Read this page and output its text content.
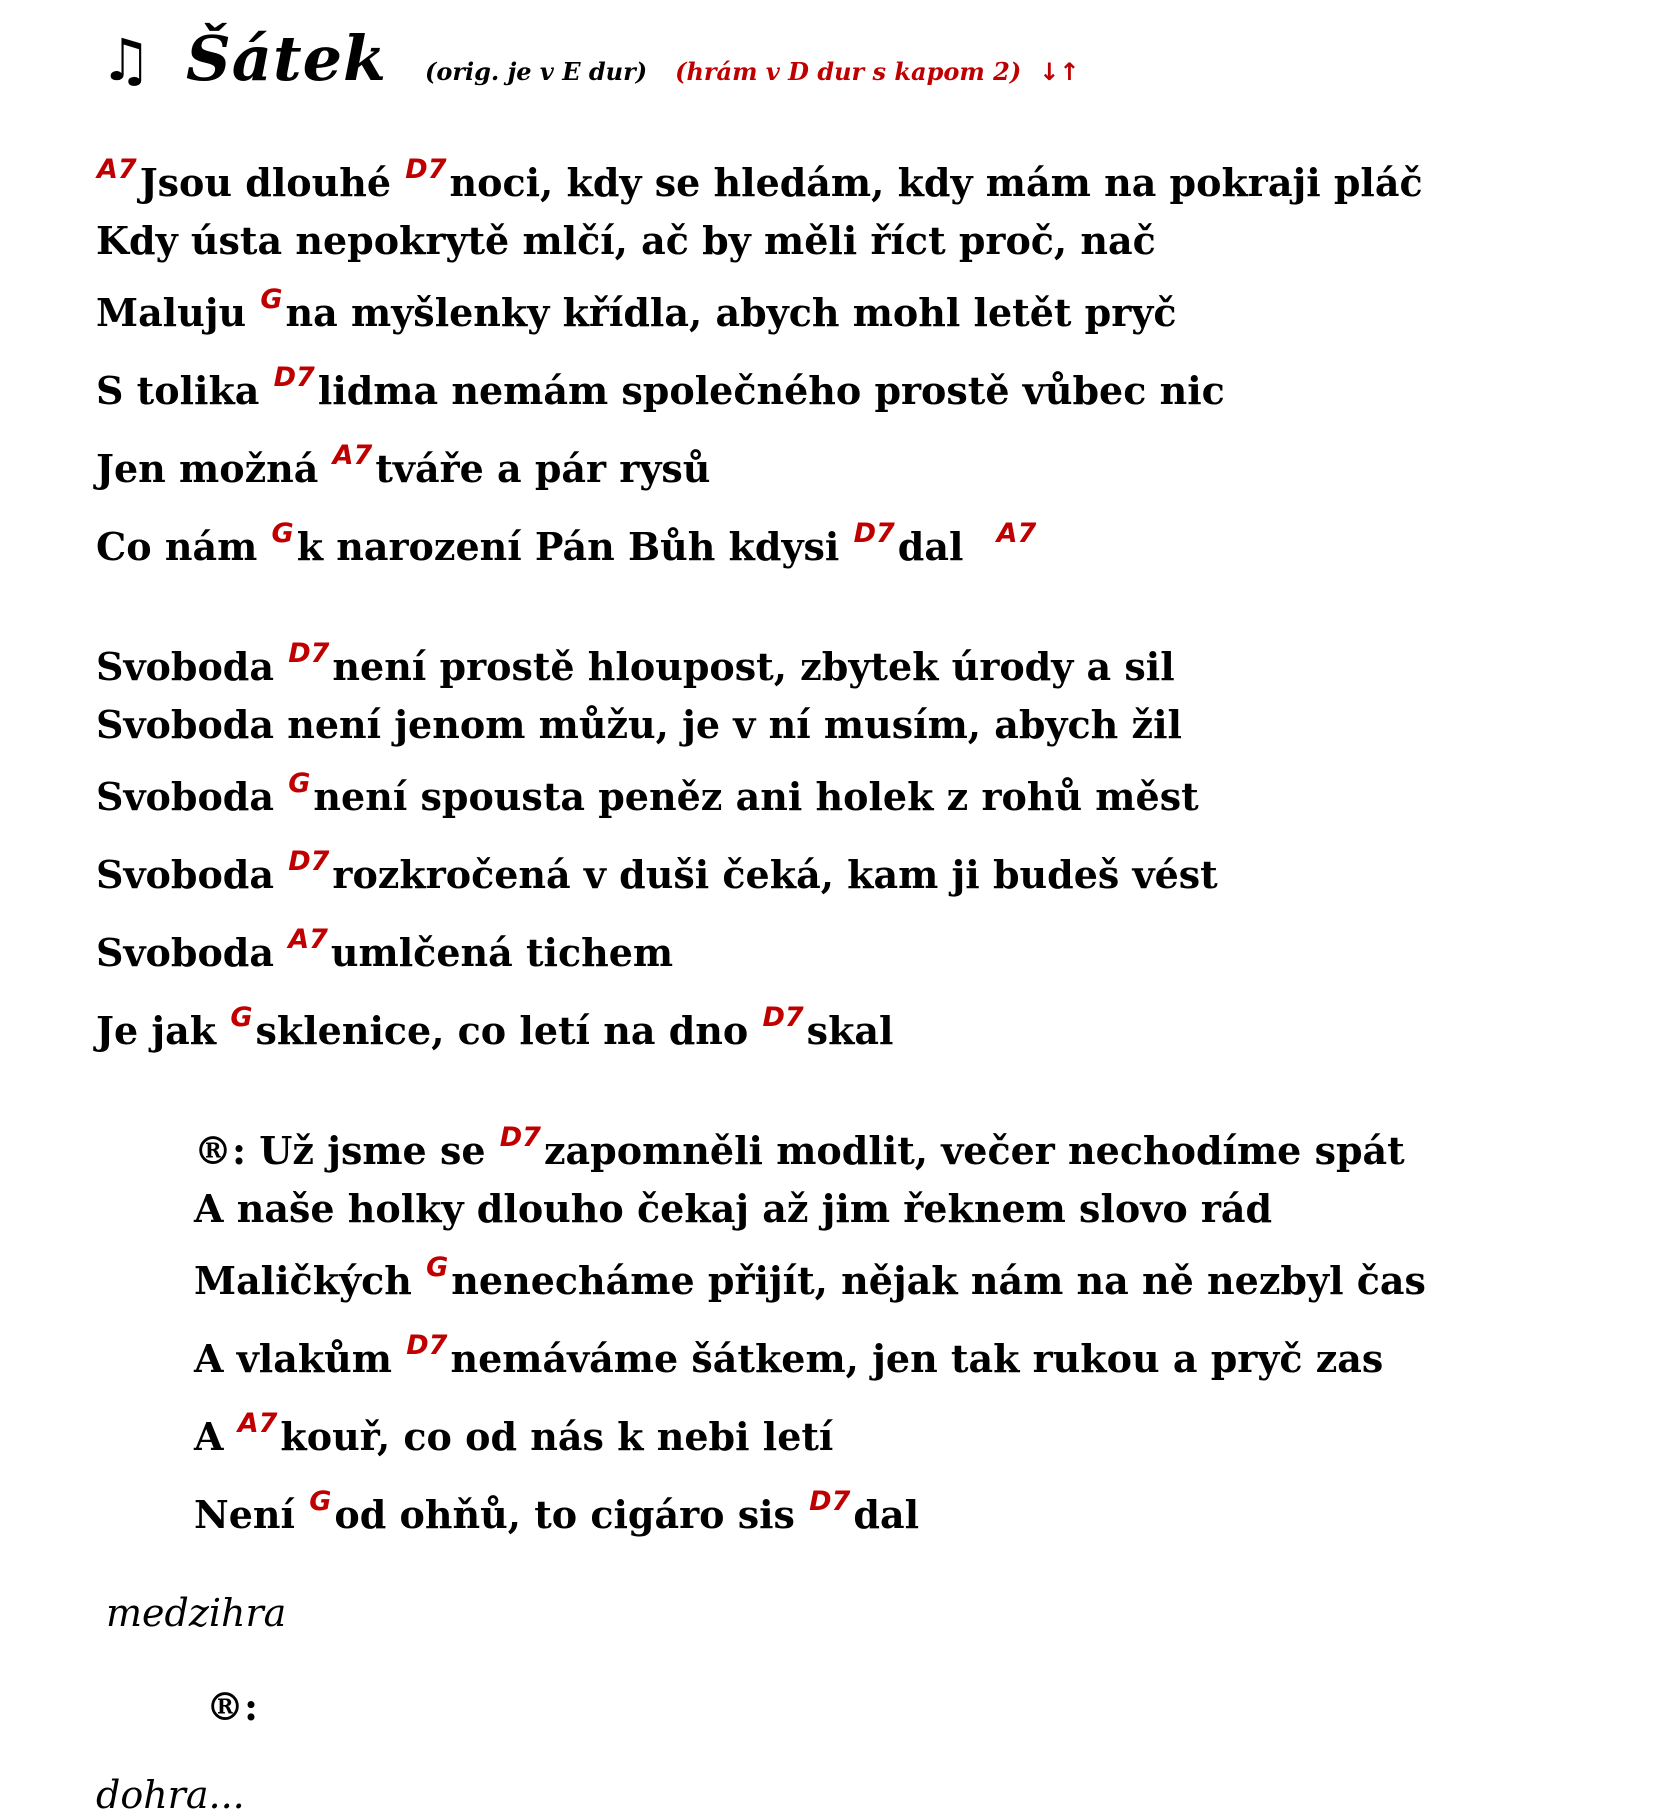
♫ Šátek (orig. je v E dur) (hrám v D dur s kapom 2) ↓↑
$^{A7}$Jsou dlouhé $^{D7}$noci, kdy se hledám, kdy mám na pokraji pláč
Kdy ústa nepokrytě mlčí, ač by měli říct proč, nač
Maluju $^G$na myšlenky křídla, abych mohl letět pryč
S tolika $^{D7}$lidma nemám společného prostě vůbec nic
Jen možná $^{A7}$tváře a pár rysů
Co nám $^G$k narození Pán Bůh kdysi $^{D7}$dal $^{A7}$
Svoboda $^{D7}$není prostě hloupost, zbytek úrody a sil
Svoboda není jenom můžu, je v ní musím, abych žil
Svoboda $^G$není spousta peněz ani holek z rohů měst
Svoboda $^{D7}$rozkročená v duši čeká, kam ji budeš vést
Svoboda $^{A7}$umlčená tichem
Je jak $^G$sklenice, co letí na dno $^{D7}$skal
®: Už jsme se $^{D7}$zapomněli modlit, večer nechodíme spát
A naše holky dlouho čekaj až jim řeknem slovo rád
Maličkých $^G$nenecháme přijít, nějak nám na ně nezbyl čas
A vlakům $^{D7}$nemáváme šátkem, jen tak rukou a pryč zas
A $^{A7}$kouř, co od nás k nebi letí
Není $^G$od ohňů, to cigáro sis $^{D7}$dal
medzihra
®:
dohra...
